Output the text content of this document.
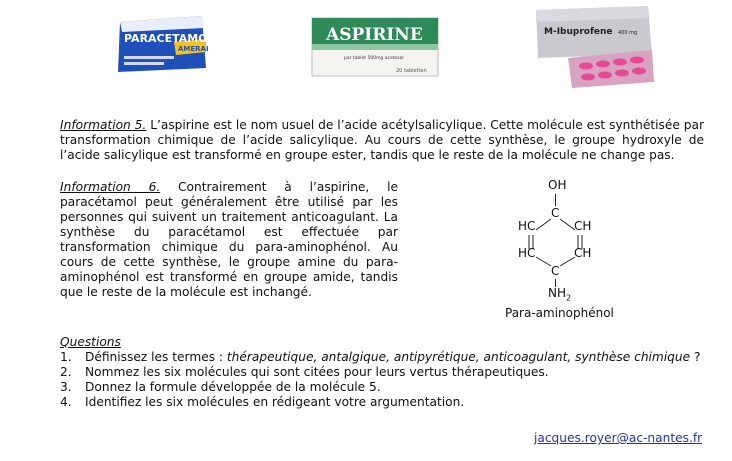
PARACETAMOL
AMERAL
ASPIRINE
par tablet 500mg acetosal
20 tabletten
M-Ibuprofene 400 mg
Information 5. L’aspirine est le nom usuel de l’acide acétylsalicylique. Cette molécule est synthétisée par transformation chimique de l’acide salicylique. Au cours de cette synthèse, le groupe hydroxyle de l’acide salicylique est transformé en groupe ester, tandis que le reste de la molécule ne change pas.
Information 6. Contrairement à l’aspirine, le paracétamol peut généralement être utilisé par les personnes qui suivent un traitement anticoagulant. La synthèse du paracétamol est effectuée par transformation chimique du para-aminophénol. Au cours de cette synthèse, le groupe amine du para-aminophénol est transformé en groupe amide, tandis que le reste de la molécule est inchangé.
OH
C
HC	CH
HC	CH
C
$NH_2$
Para-aminophénol
Questions
1.	Définissez les termes : thérapeutique, antalgique, antipyrétique, anticoagulant, synthèse chimique ?
2.	Nommez les six molécules qui sont citées pour leurs vertus thérapeutiques.
3.	Donnez la formule développée de la molécule 5.
4.	Identifiez les six molécules en rédigeant votre argumentation.
jacques.royer@ac-nantes.fr
